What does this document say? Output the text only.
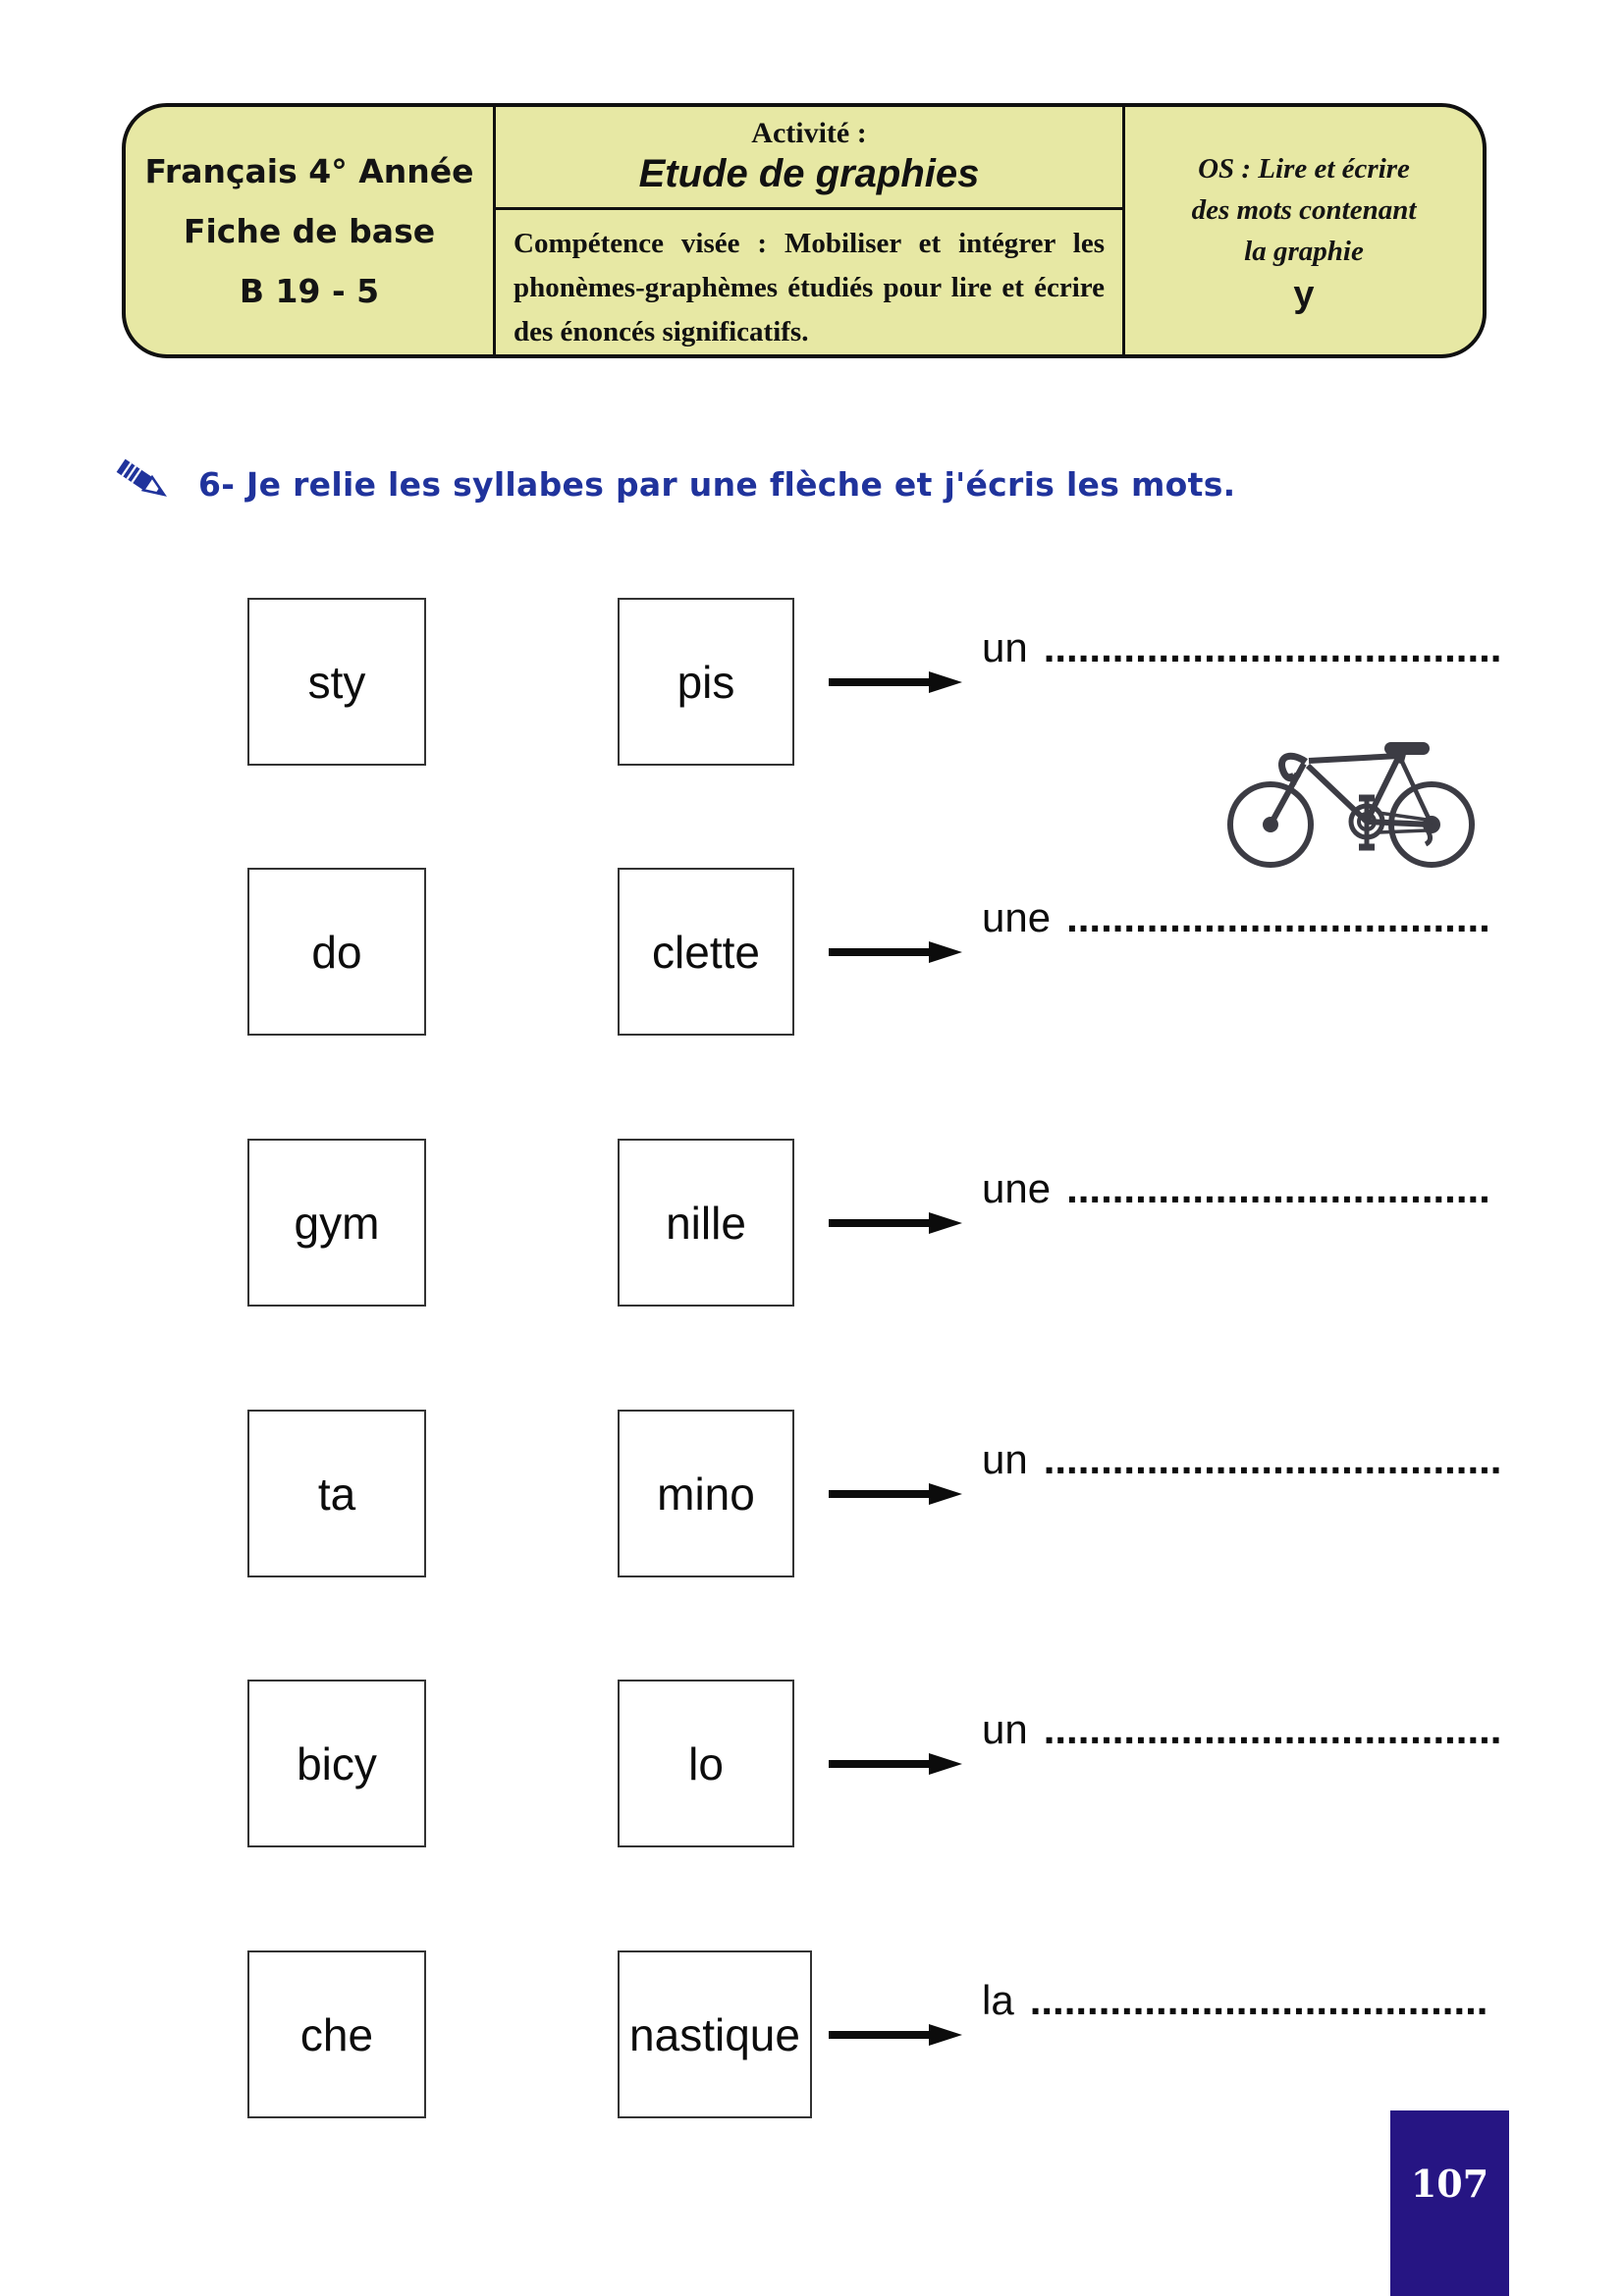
Français 4° Année
Fiche de base
B 19 - 5
Activité :
Etude de graphies
Compétence visée : Mobiliser et intégrer les phonèmes-graphèmes étudiés pour lire et écrire des énoncés significatifs.
OS : Lire et écrire
des mots contenant
la graphie
y
6- Je relie les syllabes par une flèche et j'écris les mots.
sty	pis
un ........................................
do	clette
une .....................................
gym	nille
une .....................................
ta	mino
un ........................................
bicy	lo
un ........................................
che	nastique
la ........................................
107
